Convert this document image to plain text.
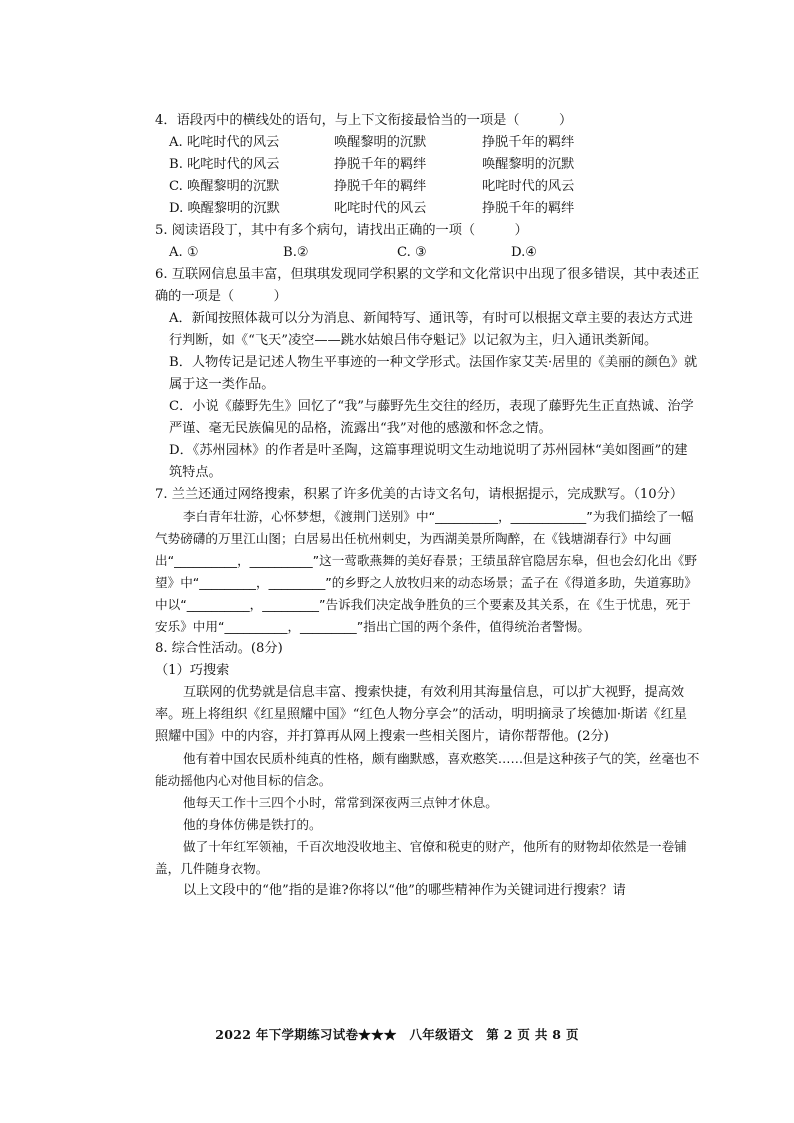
4．语段丙中的横线处的语句，与上下文衔接最恰当的一项是（　　　）

A. 叱咤时代的风云	唤醒黎明的沉默	挣脱千年的羁绊
B. 叱咤时代的风云	挣脱千年的羁绊	唤醒黎明的沉默
C. 唤醒黎明的沉默	挣脱千年的羁绊	叱咤时代的风云
D. 唤醒黎明的沉默	叱咤时代的风云	挣脱千年的羁绊

5. 阅读语段丁，其中有多个病句，请找出正确的一项（　　　）

A. ①	B.②	C. ③	D.④

6. 互联网信息虽丰富，但琪琪发现同学积累的文学和文化常识中出现了很多错误，其中表述正确的一项是（　　　）

A．新闻按照体裁可以分为消息、新闻特写、通讯等，有时可以根据文章主要的表达方式进行判断，如《“飞天”凌空——跳水姑娘吕伟夺魁记》以记叙为主，归入通讯类新闻。

B．人物传记是记述人物生平事迹的一种文学形式。法国作家艾芙·居里的《美丽的颜色》就属于这一类作品。

C．小说《藤野先生》回忆了“我”与藤野先生交往的经历，表现了藤野先生正直热诚、治学严谨、毫无民族偏见的品格，流露出“我”对他的感激和怀念之情。

D．《苏州园林》的作者是叶圣陶，这篇事理说明文生动地说明了苏州园林“美如图画”的建筑特点。

7. 兰兰还通过网络搜索，积累了许多优美的古诗文名句，请根据提示，完成默写。（10分）

李白青年壮游，心怀梦想，《渡荆门送别》中“__________，____________”为我们描绘了一幅气势磅礴的万里江山图；白居易出任杭州刺史，为西湖美景所陶醉，在《钱塘湖春行》中勾画出“__________，__________”这一莺歌燕舞的美好春景；王绩虽辞官隐居东皋，但也会幻化出《野望》中“_________，_________”的乡野之人放牧归来的动态场景；孟子在《得道多助，失道寡助》中以“__________，_________”告诉我们决定战争胜负的三个要素及其关系，在《生于忧患，死于安乐》中用“__________，_________”指出亡国的两个条件，值得统治者警惕。

8. 综合性活动。(8分)

（1）巧搜索

互联网的优势就是信息丰富、搜索快捷，有效利用其海量信息，可以扩大视野，提高效率。班上将组织《红星照耀中国》“红色人物分享会”的活动，明明摘录了埃德加·斯诺《红星照耀中国》中的内容，并打算再从网上搜索一些相关图片，请你帮帮他。(2分)

他有着中国农民质朴纯真的性格，颇有幽默感，喜欢憨笑……但是这种孩子气的笑，丝毫也不能动摇他内心对他目标的信念。

他每天工作十三四个小时，常常到深夜两三点钟才休息。

他的身体仿佛是铁打的。

做了十年红军领袖，千百次地没收地主、官僚和税吏的财产，他所有的财物却依然是一卷铺盖，几件随身衣物。

以上文段中的“他”指的是谁?你将以“他”的哪些精神作为关键词进行搜索？请

2022 年下学期练习试卷★★★　八年级语文　第 2 页 共 8 页
